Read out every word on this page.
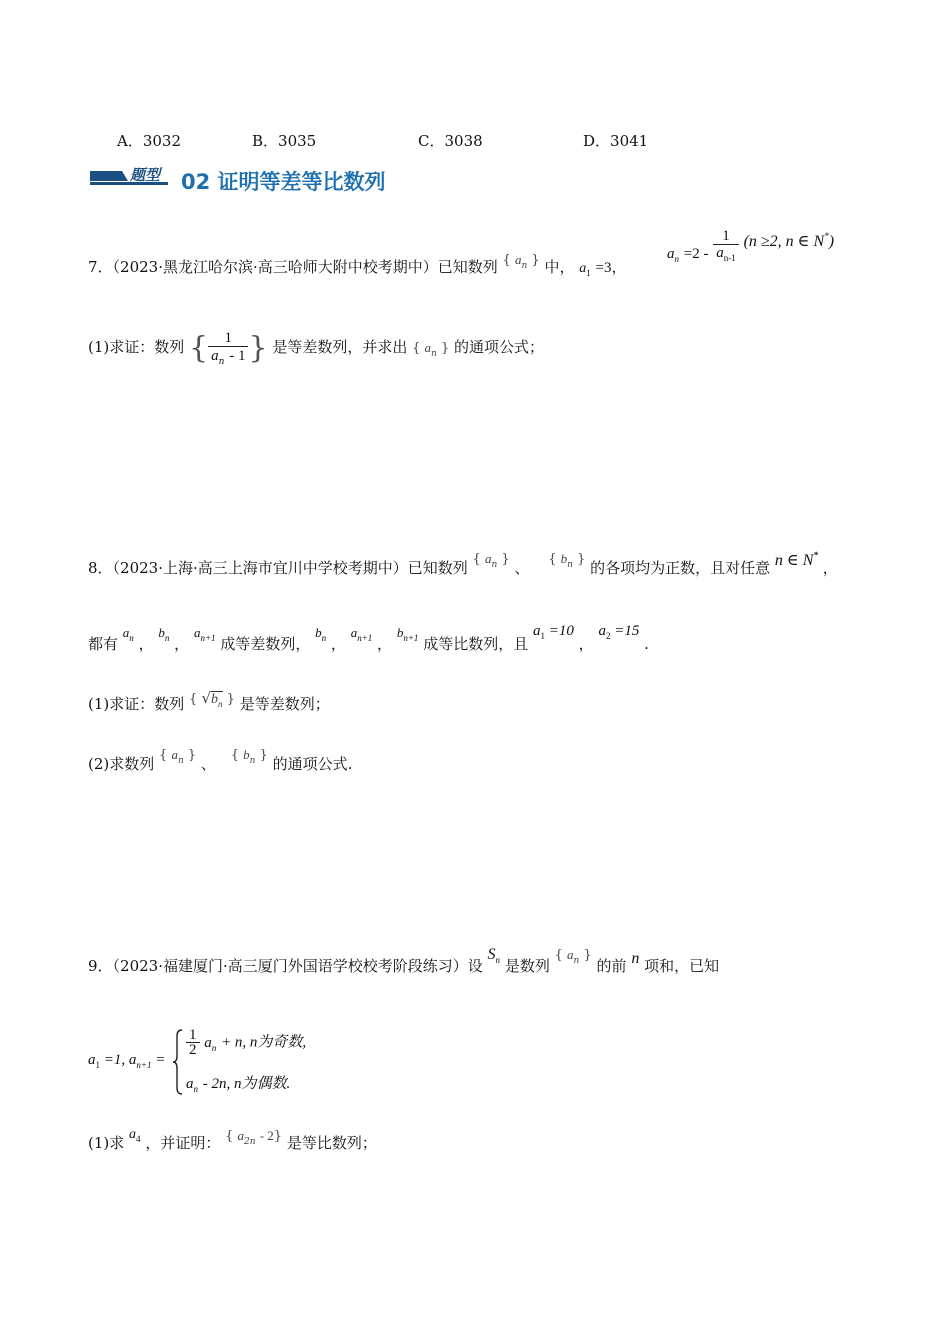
A．3032	B．3035	C．3038	D．3041
题型 02 证明等差等比数列
7．（2023·黑龙江哈尔滨·高三哈师大附中校考期中）已知数列 { $a_n$ } 中， $a_1 =3$，
$a_n =2 - \frac{1}{a_{n-1}} (n \ge 2$, n ∈ N*)
(1)求证：数列 { $\frac{1}{a_n - 1}$ } 是等差数列，并求出 { $a_n$ } 的通项公式；
8．（2023·上海·高三上海市宜川中学校考期中）已知数列 { $a_n$ } 、 { $b_n$ } 的各项均为正数，且对任意 n ∈ N* ，
都有 $a_n$ ， $b_n$ ， $a_{n+1}$ 成等差数列， $b_n$ ， $a_{n+1}$ ， $b_{n+1}$ 成等比数列，且 $a_1 =10$ ， $a_2 =15$ .
(1)求证：数列 { $√b_n$ } 是等差数列；
(2)求数列 { $a_n$ } 、 { $b_n$ } 的通项公式.
9．（2023·福建厦门·高三厦门外国语学校校考阶段练习）设 $S_n$ 是数列 { $a_n$ } 的前 n 项和，已知
$a_1 =1$, $a_{n+1}$ =
$\frac{1}{2} a_n + n$, n为奇数,
$a_n - 2n$, n为偶数.
(1)求 $a_4$ ，并证明： { $a_{2n} - 2$} 是等比数列；
